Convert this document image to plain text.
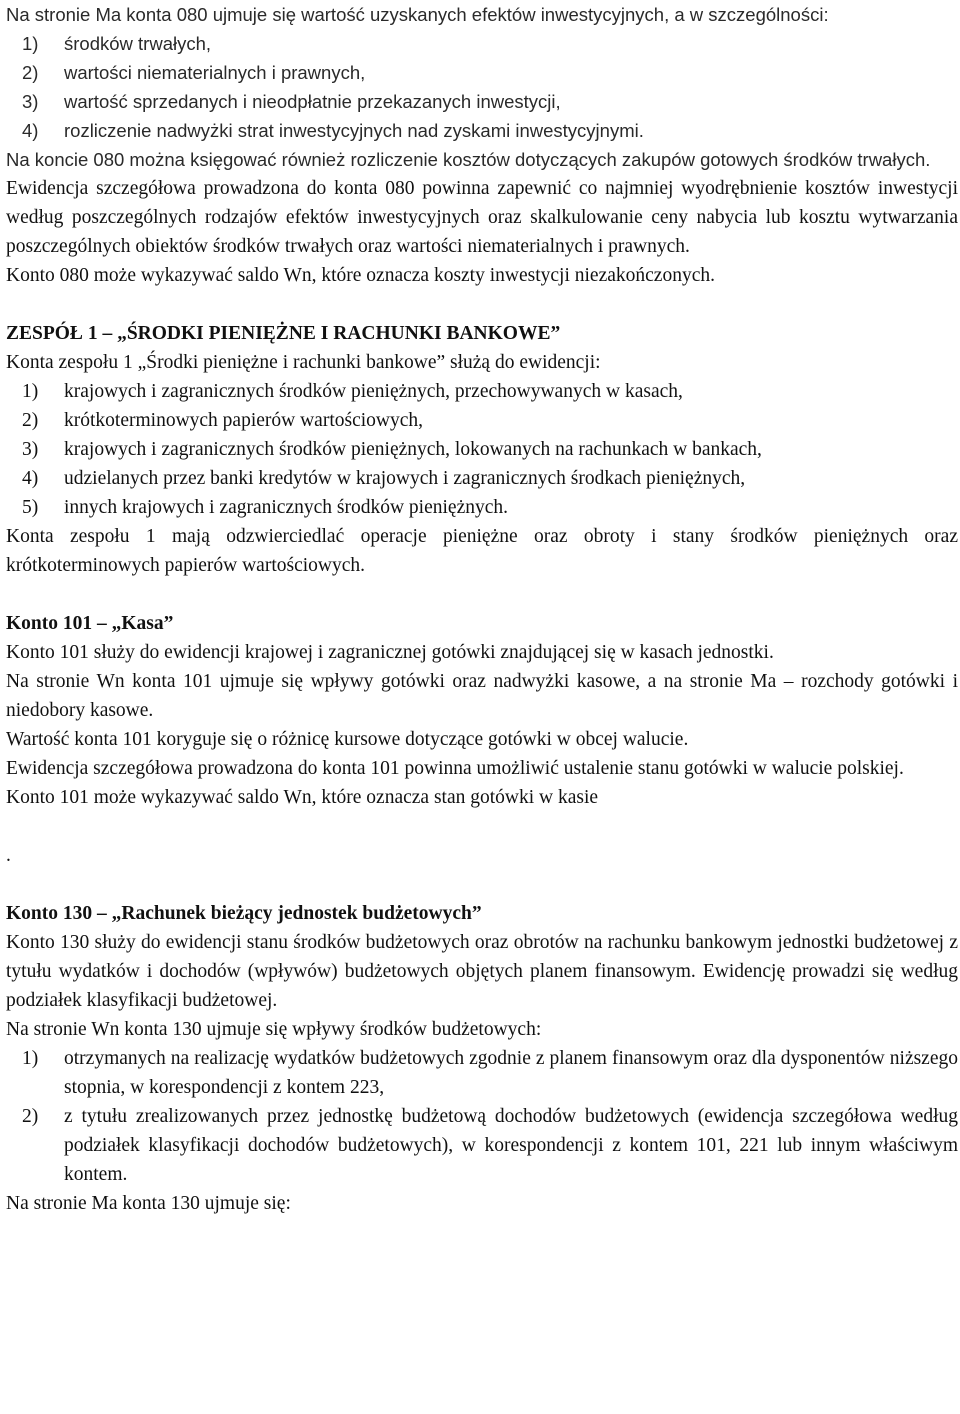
Na stronie Ma konta 080 ujmuje się wartość uzyskanych efektów inwestycyjnych, a w szczególności:

1)	środków trwałych,
2)	wartości niematerialnych i prawnych,
3)	wartość sprzedanych i nieodpłatnie przekazanych inwestycji,
4)	rozliczenie nadwyżki strat inwestycyjnych nad zyskami inwestycyjnymi.

Na koncie 080 można księgować również rozliczenie kosztów dotyczących zakupów gotowych środków trwałych.

Ewidencja szczegółowa prowadzona do konta 080 powinna zapewnić co najmniej wyodrębnienie kosztów inwestycji według poszczególnych rodzajów efektów inwestycyjnych oraz skalkulowanie ceny nabycia lub kosztu wytwarzania poszczególnych obiektów środków trwałych oraz wartości niematerialnych i prawnych.

Konto 080 może wykazywać saldo Wn, które oznacza koszty inwestycji niezakończonych.

ZESPÓŁ 1 – „ŚRODKI PIENIĘŻNE I RACHUNKI BANKOWE”

Konta zespołu 1 „Środki pieniężne i rachunki bankowe” służą do ewidencji:

1)	krajowych i zagranicznych środków pieniężnych, przechowywanych w kasach,
2)	krótkoterminowych papierów wartościowych,
3)	krajowych i zagranicznych środków pieniężnych, lokowanych na rachunkach w bankach,
4)	udzielanych przez banki kredytów w krajowych i zagranicznych środkach pieniężnych,
5)	innych krajowych i zagranicznych środków pieniężnych.

Konta zespołu 1 mają odzwierciedlać operacje pieniężne oraz obroty i stany środków pieniężnych oraz krótkoterminowych papierów wartościowych.

Konto 101 – „Kasa”

Konto 101 służy do ewidencji krajowej i zagranicznej gotówki znajdującej się w kasach jednostki.

Na stronie Wn konta 101 ujmuje się wpływy gotówki oraz nadwyżki kasowe, a na stronie Ma – rozchody gotówki i niedobory kasowe.

Wartość konta 101 koryguje się o różnicę kursowe dotyczące gotówki w obcej walucie.

Ewidencja szczegółowa prowadzona do konta 101 powinna umożliwić ustalenie stanu gotówki w walucie polskiej.

Konto 101 może wykazywać saldo Wn, które oznacza stan gotówki w kasie

.

Konto 130 – „Rachunek bieżący jednostek budżetowych”

Konto 130 służy do ewidencji stanu środków budżetowych oraz obrotów na rachunku bankowym jednostki budżetowej z tytułu wydatków i dochodów (wpływów) budżetowych objętych planem finansowym. Ewidencję prowadzi się według podziałek klasyfikacji budżetowej.

Na stronie Wn konta 130 ujmuje się wpływy środków budżetowych:

1)	otrzymanych na realizację wydatków budżetowych zgodnie z planem finansowym oraz dla dysponentów niższego stopnia, w korespondencji z kontem 223,
2)	z tytułu zrealizowanych przez jednostkę budżetową dochodów budżetowych (ewidencja szczegółowa według podziałek klasyfikacji dochodów budżetowych), w korespondencji z kontem 101, 221 lub innym właściwym kontem.

Na stronie Ma konta 130 ujmuje się:
